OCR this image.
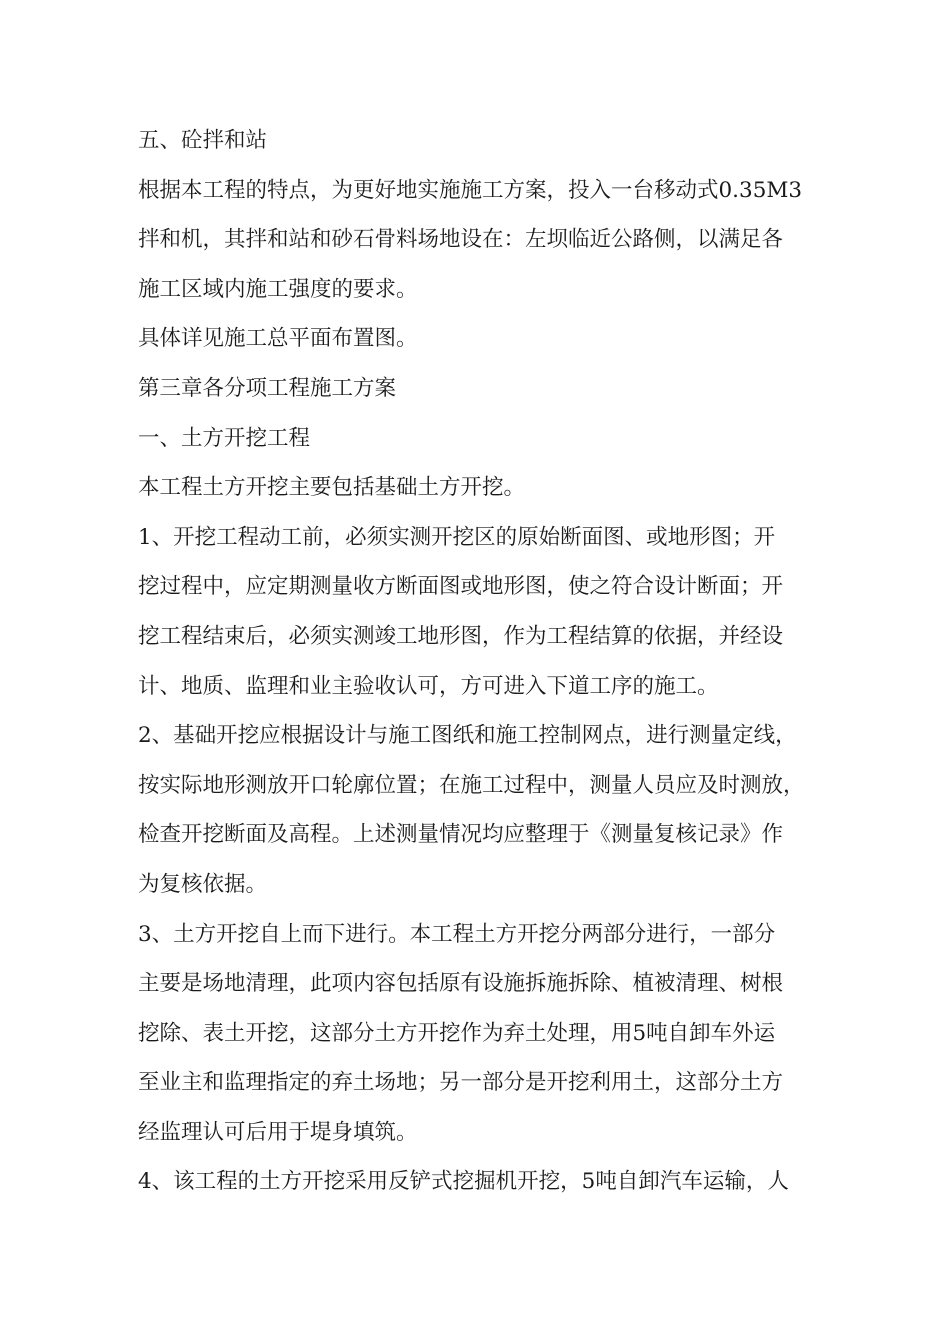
五、砼拌和站
根据本工程的特点，为更好地实施施工方案，投入一台移动式0.35M3
拌和机，其拌和站和砂石骨料场地设在：左坝临近公路侧，以满足各
施工区域内施工强度的要求。
具体详见施工总平面布置图。
第三章各分项工程施工方案
一、土方开挖工程
本工程土方开挖主要包括基础土方开挖。
1、开挖工程动工前，必须实测开挖区的原始断面图、或地形图；开
挖过程中，应定期测量收方断面图或地形图，使之符合设计断面；开
挖工程结束后，必须实测竣工地形图，作为工程结算的依据，并经设
计、地质、监理和业主验收认可，方可进入下道工序的施工。
2、基础开挖应根据设计与施工图纸和施工控制网点，进行测量定线，
按实际地形测放开口轮廓位置；在施工过程中，测量人员应及时测放，
检查开挖断面及高程。上述测量情况均应整理于《测量复核记录》作
为复核依据。
3、土方开挖自上而下进行。本工程土方开挖分两部分进行，一部分
主要是场地清理，此项内容包括原有设施拆施拆除、植被清理、树根
挖除、表土开挖，这部分土方开挖作为弃土处理，用5吨自卸车外运
至业主和监理指定的弃土场地；另一部分是开挖利用土，这部分土方
经监理认可后用于堤身填筑。
4、该工程的土方开挖采用反铲式挖掘机开挖，5吨自卸汽车运输，人
